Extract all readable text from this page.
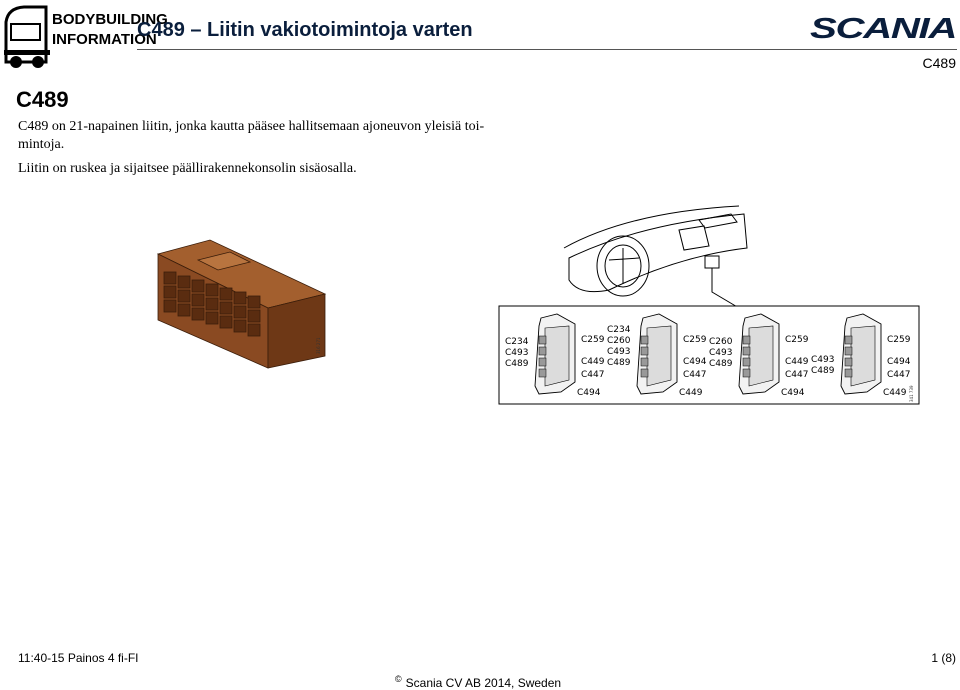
BODYBUILDING
INFORMATION
C489 – Liitin vakiotoimintoja varten	SCANIA
C489
C489
C489 on 21-napainen liitin, jonka kautta pääsee hallitsemaan ajoneuvon yleisiä toi- mintoja.
Liitin on ruskea ja sijaitsee päällirakennekonsolin sisäosalla.
316 271	C234
C493
C489
C259
C449
C447
C494
C234
C260
C493
C489
C259
C494
C447
C449
C260
C493
C489
C259
C449
C447
C494
C493
C489
C259
C494
C447
C449 341 739
11:40-15 Painos 4 fi-FI	1 (8)
© Scania CV AB 2014, Sweden
